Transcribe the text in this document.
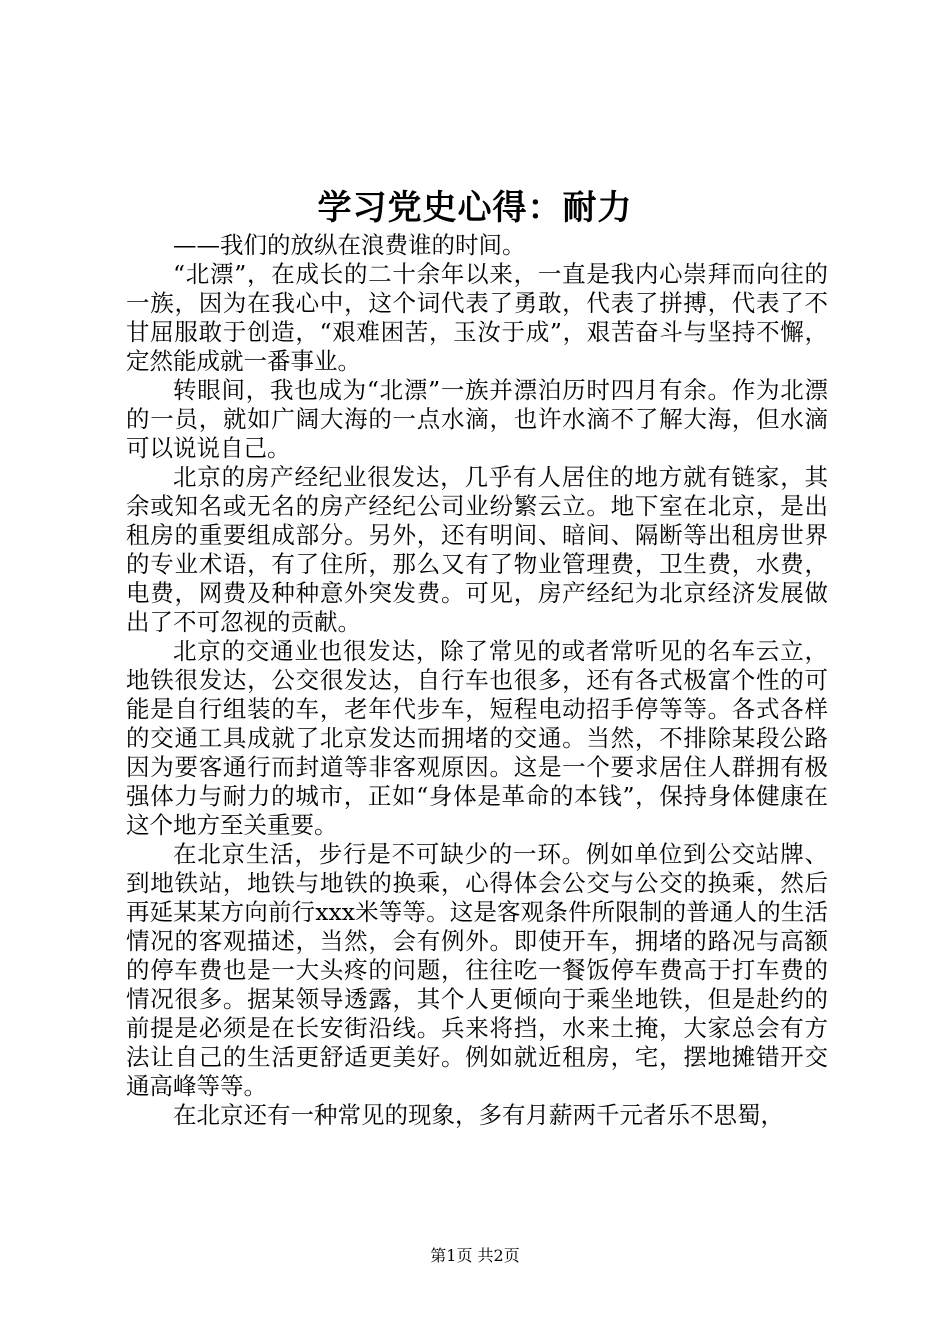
学习党史心得：耐力

——我们的放纵在浪费谁的时间。

“北漂”，在成长的二十余年以来，一直是我内心崇拜而向往的一族，因为在我心中，这个词代表了勇敢，代表了拼搏，代表了不甘屈服敢于创造，“艰难困苦，玉汝于成”，艰苦奋斗与坚持不懈，定然能成就一番事业。

转眼间，我也成为“北漂”一族并漂泊历时四月有余。作为北漂的一员，就如广阔大海的一点水滴，也许水滴不了解大海，但水滴可以说说自己。

北京的房产经纪业很发达，几乎有人居住的地方就有链家，其余或知名或无名的房产经纪公司业纷繁云立。地下室在北京，是出租房的重要组成部分。另外，还有明间、暗间、隔断等出租房世界的专业术语，有了住所，那么又有了物业管理费，卫生费，水费，电费，网费及种种意外突发费。可见，房产经纪为北京经济发展做出了不可忽视的贡献。

北京的交通业也很发达，除了常见的或者常听见的名车云立，地铁很发达，公交很发达，自行车也很多，还有各式极富个性的可能是自行组装的车，老年代步车，短程电动招手停等等。各式各样的交通工具成就了北京发达而拥堵的交通。当然，不排除某段公路因为要客通行而封道等非客观原因。这是一个要求居住人群拥有极强体力与耐力的城市，正如“身体是革命的本钱”，保持身体健康在这个地方至关重要。

在北京生活，步行是不可缺少的一环。例如单位到公交站牌、到地铁站，地铁与地铁的换乘，心得体会公交与公交的换乘，然后再延某某方向前行xxx米等等。这是客观条件所限制的普通人的生活情况的客观描述，当然，会有例外。即使开车，拥堵的路况与高额的停车费也是一大头疼的问题，往往吃一餐饭停车费高于打车费的情况很多。据某领导透露，其个人更倾向于乘坐地铁，但是赴约的前提是必须是在长安街沿线。兵来将挡，水来土掩，大家总会有方法让自己的生活更舒适更美好。例如就近租房，宅，摆地摊错开交通高峰等等。

在北京还有一种常见的现象，多有月薪两千元者乐不思蜀，

第1页 共2页
